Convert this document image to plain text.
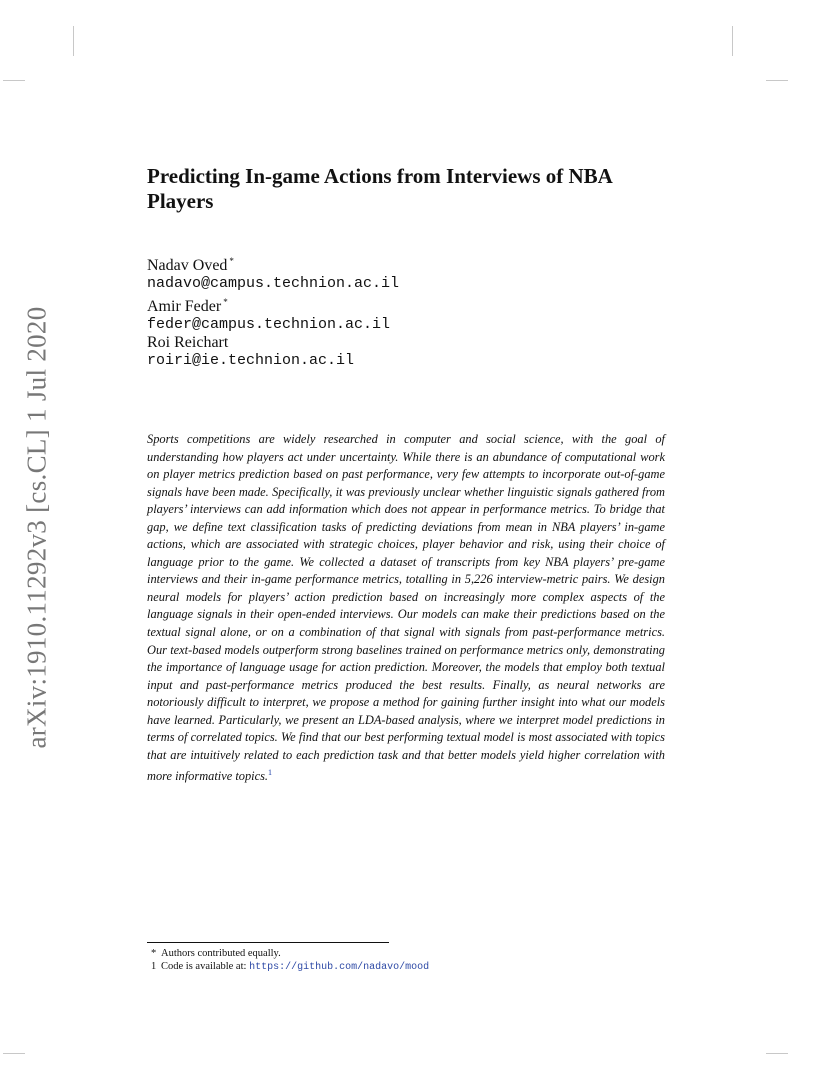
arXiv:1910.11292v3 [cs.CL] 1 Jul 2020
Predicting In-game Actions from Interviews of NBA Players
Nadav Oved *
nadavo@campus.technion.ac.il
Amir Feder *
feder@campus.technion.ac.il
Roi Reichart
roiri@ie.technion.ac.il

Sports competitions are widely researched in computer and social science, with the goal of understanding how players act under uncertainty. While there is an abundance of computational work on player metrics prediction based on past performance, very few attempts to incorporate out-of-game signals have been made. Specifically, it was previously unclear whether linguistic signals gathered from players’ interviews can add information which does not appear in performance metrics. To bridge that gap, we define text classification tasks of predicting deviations from mean in NBA players’ in-game actions, which are associated with strategic choices, player behavior and risk, using their choice of language prior to the game. We collected a dataset of transcripts from key NBA players’ pre-game interviews and their in-game performance metrics, totalling in 5,226 interview-metric pairs. We design neural models for players’ action prediction based on increasingly more complex aspects of the language signals in their open-ended interviews. Our models can make their predictions based on the textual signal alone, or on a combination of that signal with signals from past-performance metrics. Our text-based models outperform strong baselines trained on performance metrics only, demonstrating the importance of language usage for action prediction. Moreover, the models that employ both textual input and past-performance metrics produced the best results. Finally, as neural networks are notoriously difficult to interpret, we propose a method for gaining further insight into what our models have learned. Particularly, we present an LDA-based analysis, where we interpret model predictions in terms of correlated topics. We find that our best performing textual model is most associated with topics that are intuitively related to each prediction task and that better models yield higher correlation with more informative topics.$^1$

* Authors contributed equally.
1 Code is available at: https://github.com/nadavo/mood
